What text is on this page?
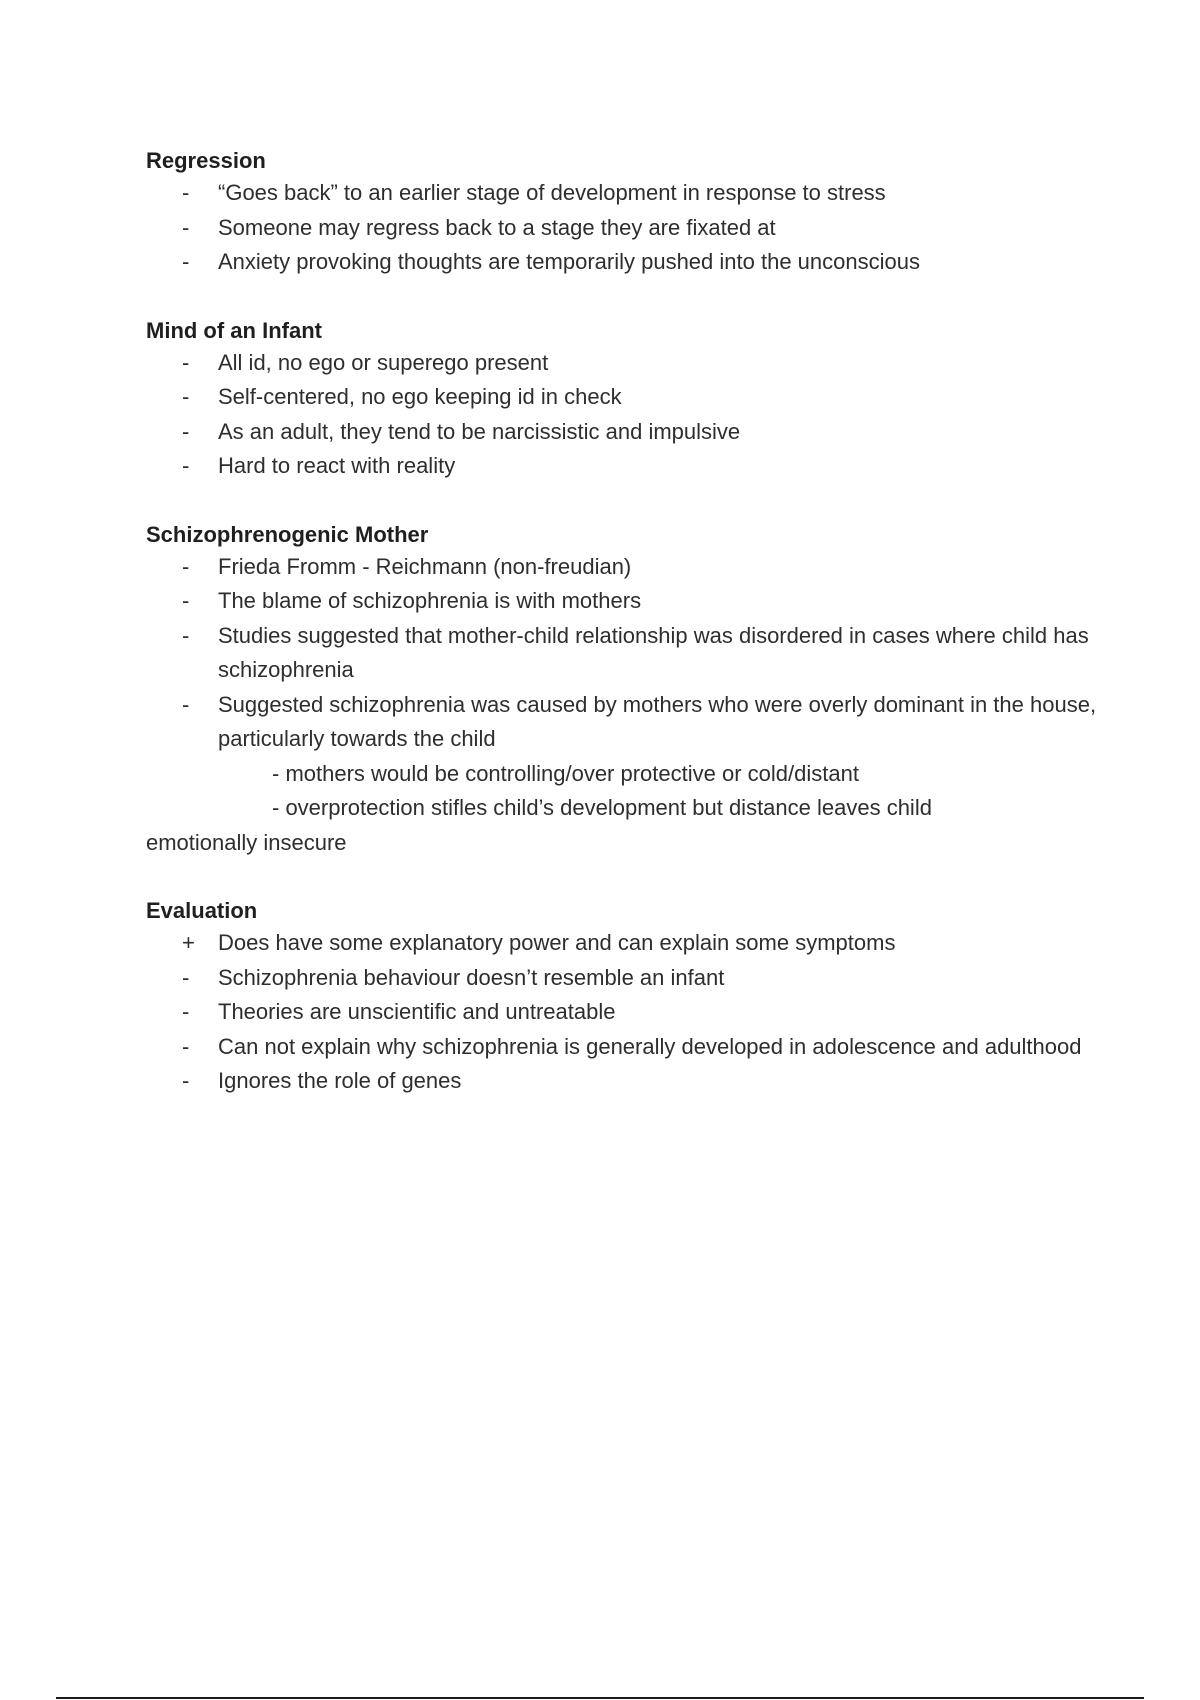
Regression

-	“Goes back” to an earlier stage of development in response to stress
-	Someone may regress back to a stage they are fixated at
-	Anxiety provoking thoughts are temporarily pushed into the unconscious

Mind of an Infant

-	All id, no ego or superego present
-	Self-centered, no ego keeping id in check
-	As an adult, they tend to be narcissistic and impulsive
-	Hard to react with reality

Schizophrenogenic Mother

-	Frieda Fromm - Reichmann (non-freudian)
-	The blame of schizophrenia is with mothers
-	Studies suggested that mother-child relationship was disordered in cases where child has schizophrenia
-	Suggested schizophrenia was caused by mothers who were overly dominant in the house, particularly towards the child
- mothers would be controlling/over protective or cold/distant
- overprotection stifles child’s development but distance leaves child
emotionally insecure

Evaluation

+	Does have some explanatory power and can explain some symptoms
-	Schizophrenia behaviour doesn’t resemble an infant
-	Theories are unscientific and untreatable
-	Can not explain why schizophrenia is generally developed in adolescence and adulthood
-	Ignores the role of genes
